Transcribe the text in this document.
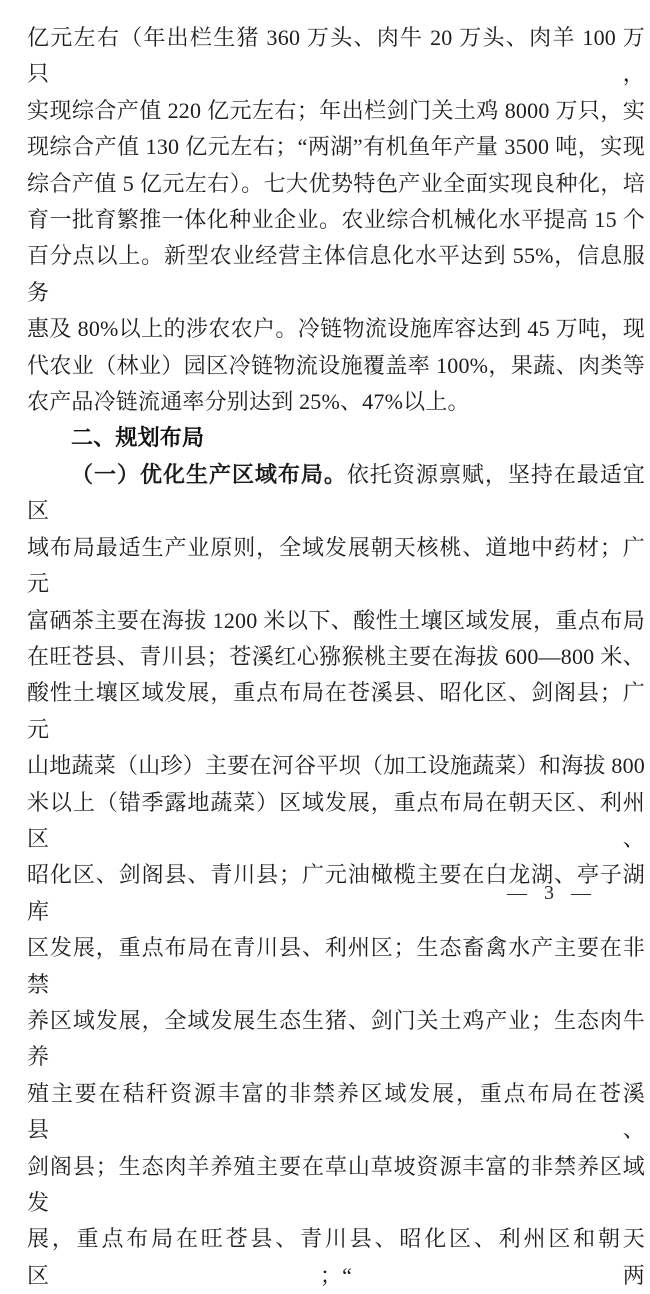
亿元左右（年出栏生猪 360 万头、肉牛 20 万头、肉羊 100 万只，
实现综合产值 220 亿元左右；年出栏剑门关土鸡 8000 万只，实
现综合产值 130 亿元左右；“两湖”有机鱼年产量 3500 吨，实现
综合产值 5 亿元左右）。七大优势特色产业全面实现良种化，培
育一批育繁推一体化种业企业。农业综合机械化水平提高 15 个
百分点以上。新型农业经营主体信息化水平达到 55%，信息服务
惠及 80%以上的涉农农户。冷链物流设施库容达到 45 万吨，现
代农业（林业）园区冷链物流设施覆盖率 100%，果蔬、肉类等
农产品冷链流通率分别达到 25%、47%以上。
二、规划布局
（一）优化生产区域布局。依托资源禀赋，坚持在最适宜区
域布局最适生产业原则，全域发展朝天核桃、道地中药材；广元
富硒茶主要在海拔 1200 米以下、酸性土壤区域发展，重点布局
在旺苍县、青川县；苍溪红心猕猴桃主要在海拔 600—800 米、
酸性土壤区域发展，重点布局在苍溪县、昭化区、剑阁县；广元
山地蔬菜（山珍）主要在河谷平坝（加工设施蔬菜）和海拔 800
米以上（错季露地蔬菜）区域发展，重点布局在朝天区、利州区、
昭化区、剑阁县、青川县；广元油橄榄主要在白龙湖、亭子湖库
区发展，重点布局在青川县、利州区；生态畜禽水产主要在非禁
养区域发展，全域发展生态生猪、剑门关土鸡产业；生态肉牛养
殖主要在秸秆资源丰富的非禁养区域发展，重点布局在苍溪县、
剑阁县；生态肉羊养殖主要在草山草坡资源丰富的非禁养区域发
展，重点布局在旺苍县、青川县、昭化区、利州区和朝天区；“两
— 3 —
